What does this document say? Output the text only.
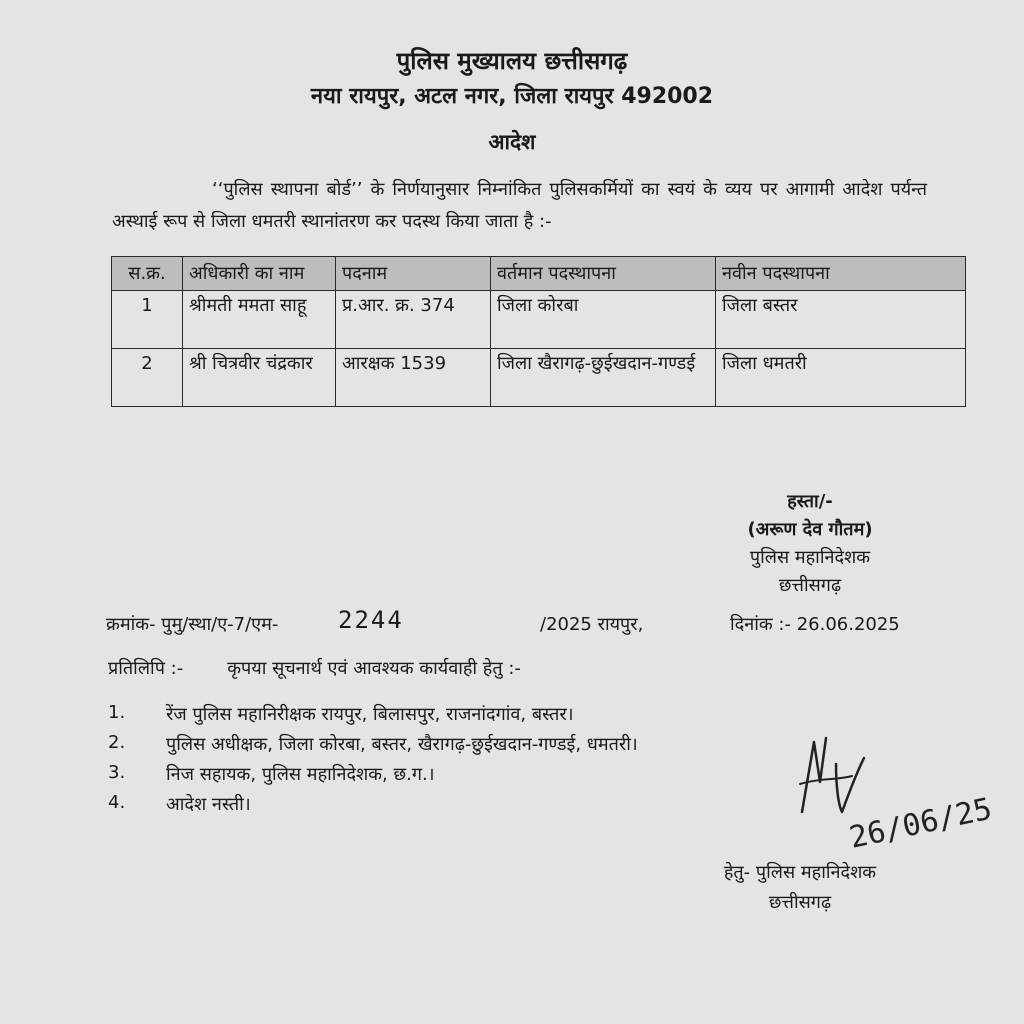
पुलिस मुख्यालय छत्तीसगढ़
नया रायपुर, अटल नगर, जिला रायपुर 492002
आदेश
‘‘पुलिस स्थापना बोर्ड’’ के निर्णयानुसार निम्नांकित पुलिसकर्मियों का स्वयं के व्यय पर आगामी आदेश पर्यन्त अस्थाई रूप से जिला धमतरी स्थानांतरण कर पदस्थ किया जाता है :-
स.क्र.	अधिकारी का नाम	पदनाम	वर्तमान पदस्थापना	नवीन पदस्थापना
1	श्रीमती ममता साहू	प्र.आर. क्र. 374	जिला कोरबा	जिला बस्तर
2	श्री चित्रवीर चंद्रकार	आरक्षक 1539	जिला खैरागढ़-छुईखदान-गण्डई	जिला धमतरी
हस्ता/-
(अरूण देव गौतम)
पुलिस महानिदेशक
छत्तीसगढ़
क्रमांक- पुमु/स्था/ए-7/एम- 2244	/2025 रायपुर,	दिनांक :- 26.06.2025
प्रतिलिपि :- कृपया सूचनार्थ एवं आवश्यक कार्यवाही हेतु :-
1.	रेंज पुलिस महानिरीक्षक रायपुर, बिलासपुर, राजनांदगांव, बस्तर।
2.	पुलिस अधीक्षक, जिला कोरबा, बस्तर, खैरागढ़-छुईखदान-गण्डई, धमतरी।
3.	निज सहायक, पुलिस महानिदेशक, छ.ग.।
4.	आदेश नस्ती।	26/06/25
हेतु- पुलिस महानिदेशक
छत्तीसगढ़
